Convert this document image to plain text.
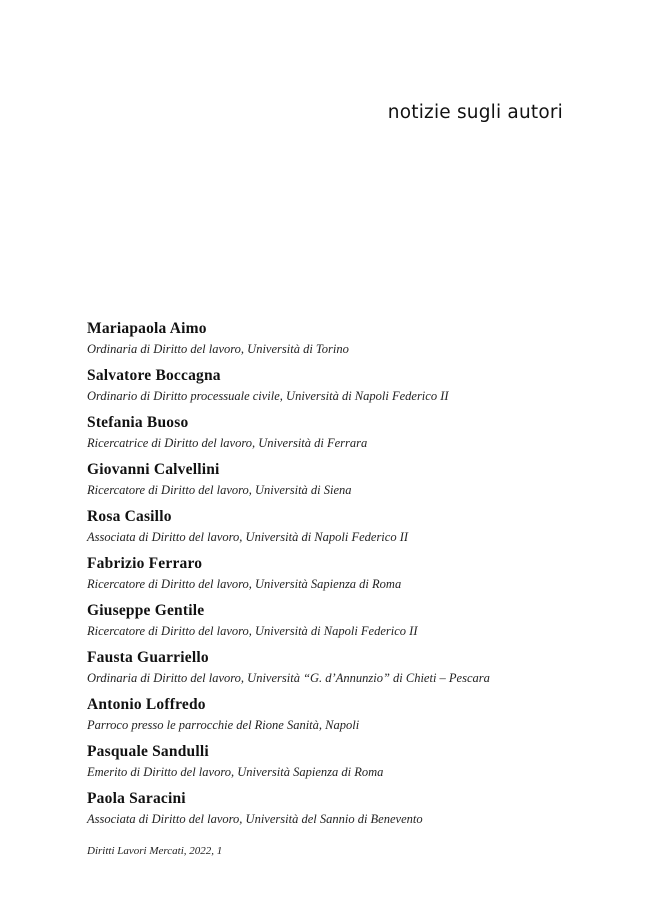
notizie sugli autori
Mariapaola Aimo
Ordinaria di Diritto del lavoro, Università di Torino
Salvatore Boccagna
Ordinario di Diritto processuale civile, Università di Napoli Federico II
Stefania Buoso
Ricercatrice di Diritto del lavoro, Università di Ferrara
Giovanni Calvellini
Ricercatore di Diritto del lavoro, Università di Siena
Rosa Casillo
Associata di Diritto del lavoro, Università di Napoli Federico II
Fabrizio Ferraro
Ricercatore di Diritto del lavoro, Università Sapienza di Roma
Giuseppe Gentile
Ricercatore di Diritto del lavoro, Università di Napoli Federico II
Fausta Guarriello
Ordinaria di Diritto del lavoro, Università “G. d’Annunzio” di Chieti – Pescara
Antonio Loffredo
Parroco presso le parrocchie del Rione Sanità, Napoli
Pasquale Sandulli
Emerito di Diritto del lavoro, Università Sapienza di Roma
Paola Saracini
Associata di Diritto del lavoro, Università del Sannio di Benevento

Diritti Lavori Mercati, 2022, 1
